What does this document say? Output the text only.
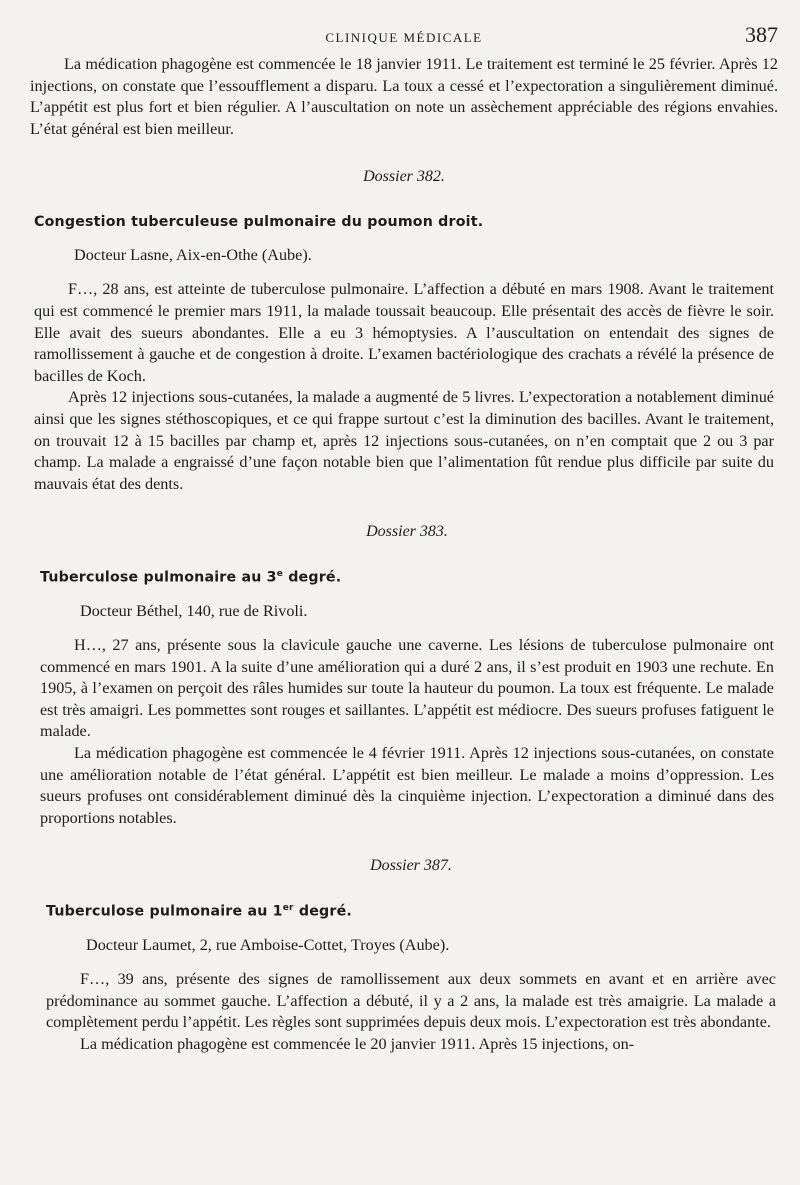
CLINIQUE MÉDICALE	387

La médication phagogène est commencée le 18 janvier 1911. Le traitement est terminé le 25 février. Après 12 injections, on constate que l’essoufflement a disparu. La toux a cessé et l’expectoration a singulièrement diminué. L’appétit est plus fort et bien régulier. A l’auscultation on note un assèchement appréciable des régions envahies. L’état général est bien meilleur.

Dossier 382.
Congestion tuberculeuse pulmonaire du poumon droit.
Docteur Lasne, Aix-en-Othe (Aube).

F…, 28 ans, est atteinte de tuberculose pulmonaire. L’affection a débuté en mars 1908. Avant le traitement qui est commencé le premier mars 1911, la malade toussait beaucoup. Elle présentait des accès de fièvre le soir. Elle avait des sueurs abondantes. Elle a eu 3 hémoptysies. A l’auscultation on entendait des signes de ramollissement à gauche et de congestion à droite. L’examen bactériologique des crachats a révélé la présence de bacilles de Koch.

Après 12 injections sous-cutanées, la malade a augmenté de 5 livres. L’expectoration a notablement diminué ainsi que les signes stéthoscopiques, et ce qui frappe surtout c’est la diminution des bacilles. Avant le traitement, on trouvait 12 à 15 bacilles par champ et, après 12 injections sous-cutanées, on n’en comptait que 2 ou 3 par champ. La malade a engraissé d’une façon notable bien que l’alimentation fût rendue plus difficile par suite du mauvais état des dents.

Dossier 383.
Tuberculose pulmonaire au 3e degré.
Docteur Béthel, 140, rue de Rivoli.

H…, 27 ans, présente sous la clavicule gauche une caverne. Les lésions de tuberculose pulmonaire ont commencé en mars 1901. A la suite d’une amélioration qui a duré 2 ans, il s’est produit en 1903 une rechute. En 1905, à l’examen on perçoit des râles humides sur toute la hauteur du poumon. La toux est fréquente. Le malade est très amaigri. Les pommettes sont rouges et saillantes. L’appétit est médiocre. Des sueurs profuses fatiguent le malade.

La médication phagogène est commencée le 4 février 1911. Après 12 injections sous-cutanées, on constate une amélioration notable de l’état général. L’appétit est bien meilleur. Le malade a moins d’oppression. Les sueurs profuses ont considérablement diminué dès la cinquième injection. L’expectoration a diminué dans des proportions notables.

Dossier 387.
Tuberculose pulmonaire au 1er degré.
Docteur Laumet, 2, rue Amboise-Cottet, Troyes (Aube).

F…, 39 ans, présente des signes de ramollissement aux deux sommets en avant et en arrière avec prédominance au sommet gauche. L’affection a débuté, il y a 2 ans, la malade est très amaigrie. La malade a complètement perdu l’appétit. Les règles sont supprimées depuis deux mois. L’expectoration est très abondante.

La médication phagogène est commencée le 20 janvier 1911. Après 15 injections, on-
